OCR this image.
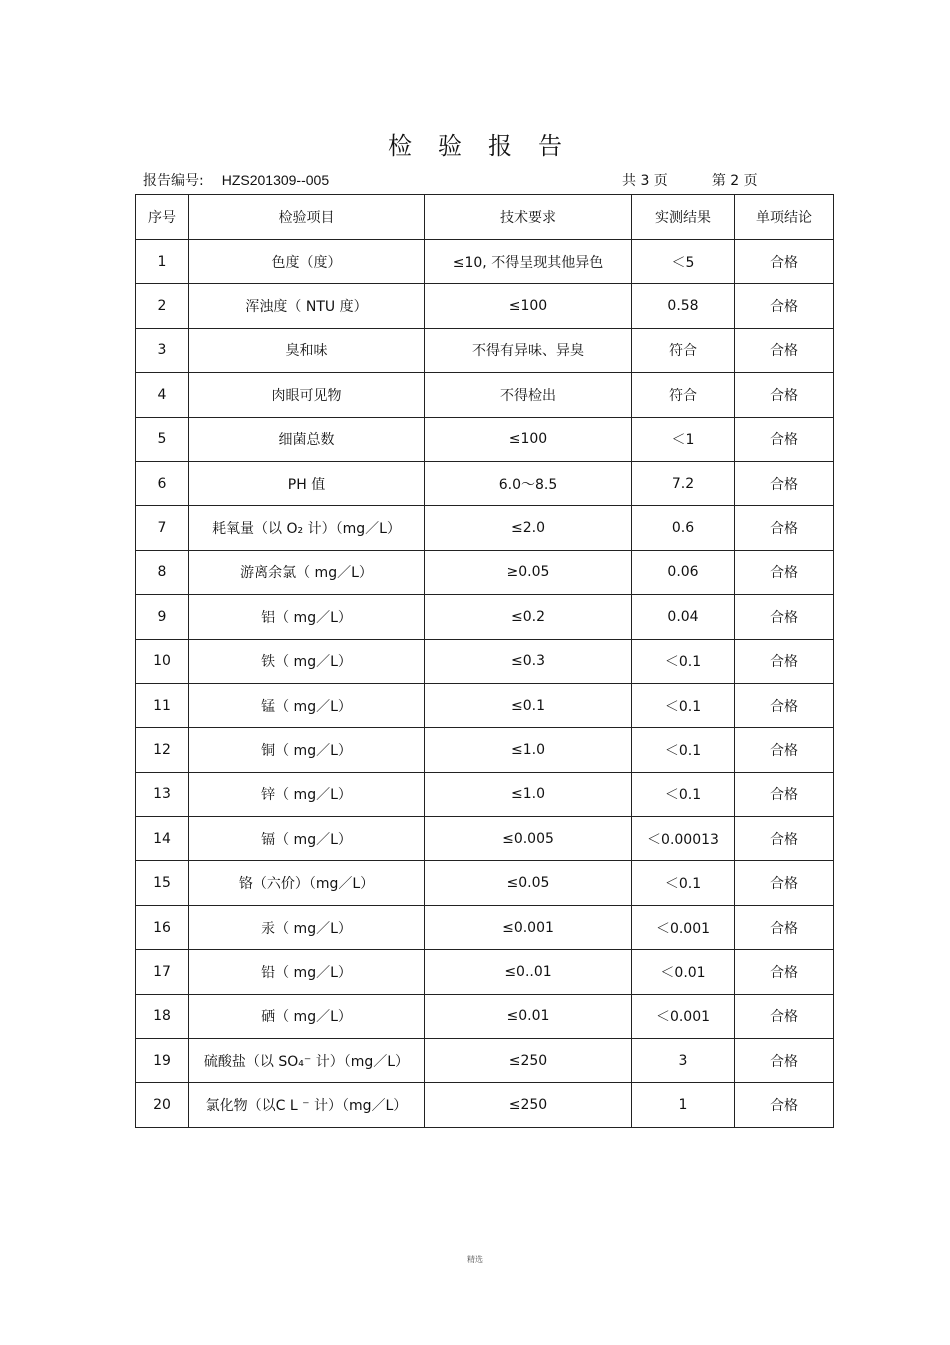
检验报告
报告编号: HZS201309--005	共 3 页	第 2 页
序号	检验项目	技术要求	实测结果	单项结论
1	色度（度）	≤10, 不得呈现其他异色	＜5	合格
2	浑浊度（ NTU 度）	≤100	0.58	合格
3	臭和味	不得有异味、异臭	符合	合格
4	肉眼可见物	不得检出	符合	合格
5	细菌总数	≤100	＜1	合格
6	PH 值	6.0～8.5	7.2	合格
7	耗氧量（以 O₂ 计）（mg／L）	≤2.0	0.6	合格
8	游离余氯（ mg／L）	≥0.05	0.06	合格
9	铝（ mg／L）	≤0.2	0.04	合格
10	铁（ mg／L）	≤0.3	＜0.1	合格
11	锰（ mg／L）	≤0.1	＜0.1	合格
12	铜（ mg／L）	≤1.0	＜0.1	合格
13	锌（ mg／L）	≤1.0	＜0.1	合格
14	镉（ mg／L）	≤0.005	＜0.00013	合格
15	铬（六价）（mg／L）	≤0.05	＜0.1	合格
16	汞（ mg／L）	≤0.001	＜0.001	合格
17	铅（ mg／L）	≤0..01	＜0.01	合格
18	硒（ mg／L）	≤0.01	＜0.001	合格
19	硫酸盐（以 SO₄⁻ 计）（mg／L）	≤250	3	合格
20	氯化物（以C L ⁻ 计）（mg／L）	≤250	1	合格
精选
